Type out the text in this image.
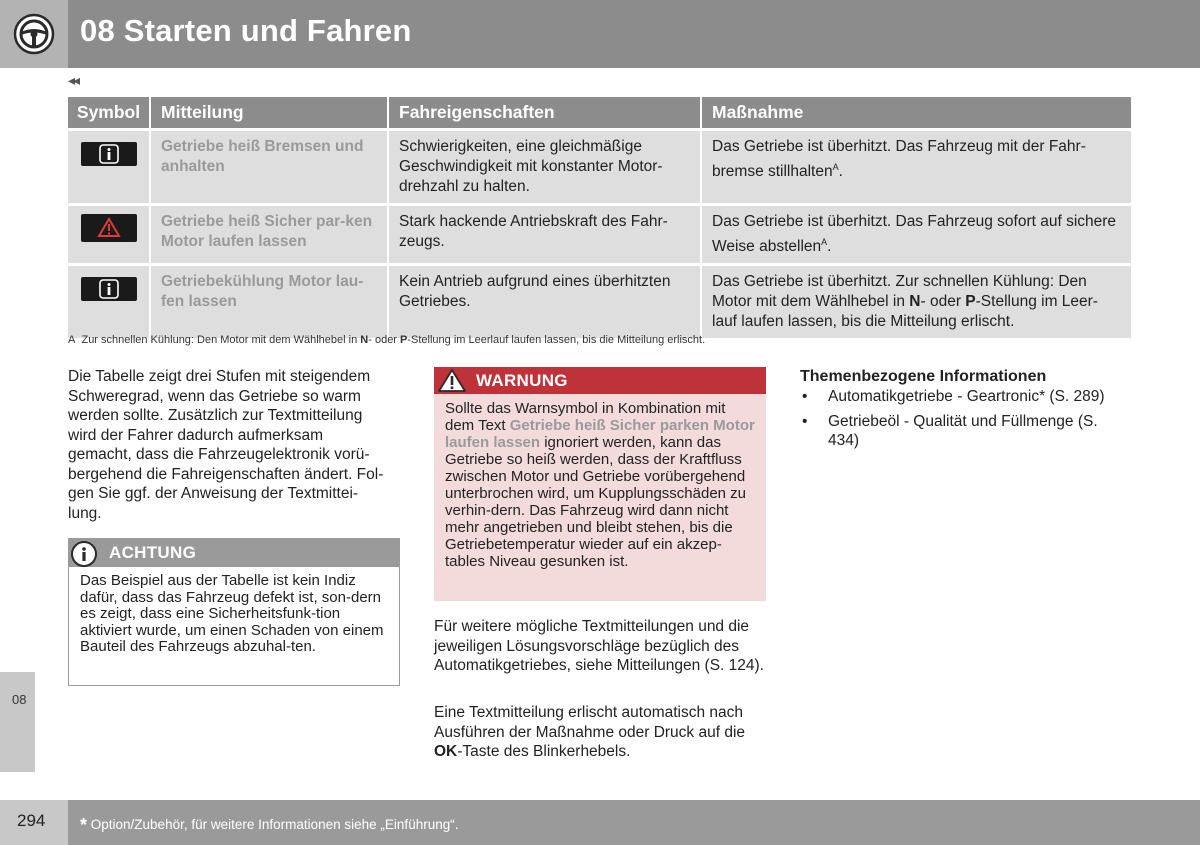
08 Starten und Fahren
◂◂
Symbol	Mitteilung	Fahreigenschaften	Maßnahme

	Getriebe heiß Bremsen und anhalten	Schwierigkeiten, eine gleichmäßige Geschwindigkeit mit konstanter Motor-drehzahl zu halten.	Das Getriebe ist überhitzt. Das Fahrzeug mit der Fahr-bremse stillhalten$^A$.

	Getriebe heiß Sicher par-ken Motor laufen lassen	Stark hackende Antriebskraft des Fahr-zeugs.	Das Getriebe ist überhitzt. Das Fahrzeug sofort auf sichere Weise abstellen$^A$.

	Getriebekühlung Motor lau-fen lassen	Kein Antrieb aufgrund eines überhitzten Getriebes.	Das Getriebe ist überhitzt. Zur schnellen Kühlung: Den Motor mit dem Wählhebel in N- oder P-Stellung im Leer-lauf laufen lassen, bis die Mitteilung erlischt.
A Zur schnellen Kühlung: Den Motor mit dem Wählhebel in N- oder P-Stellung im Leerlauf laufen lassen, bis die Mitteilung erlischt.
Die Tabelle zeigt drei Stufen mit steigendem Schweregrad, wenn das Getriebe so warm werden sollte. Zusätzlich zur Textmitteilung wird der Fahrer dadurch aufmerksam gemacht, dass die Fahrzeugelektronik vorü-bergehend die Fahreigenschaften ändert. Fol-gen Sie ggf. der Anweisung der Textmittei-lung.
ACHTUNG
Das Beispiel aus der Tabelle ist kein Indiz dafür, dass das Fahrzeug defekt ist, son-dern es zeigt, dass eine Sicherheitsfunk-tion aktiviert wurde, um einen Schaden von einem Bauteil des Fahrzeugs abzuhal-ten.
WARNUNG
Sollte das Warnsymbol in Kombination mit dem Text Getriebe heiß Sicher parken Motor laufen lassen ignoriert werden, kann das Getriebe so heiß werden, dass der Kraftfluss zwischen Motor und Getriebe vorübergehend unterbrochen wird, um Kupplungsschäden zu verhin-dern. Das Fahrzeug wird dann nicht mehr angetrieben und bleibt stehen, bis die Getriebetemperatur wieder auf ein akzep-tables Niveau gesunken ist.
Für weitere mögliche Textmitteilungen und die jeweiligen Lösungsvorschläge bezüglich des Automatikgetriebes, siehe Mitteilungen (S. 124).
Eine Textmitteilung erlischt automatisch nach Ausführen der Maßnahme oder Druck auf die OK-Taste des Blinkerhebels.
Themenbezogene Informationen
• Automatikgetriebe - Geartronic* (S. 289)
• Getriebeöl - Qualität und Füllmenge (S. 434)
08
294 * Option/Zubehör, für weitere Informationen siehe „Einführung“.
